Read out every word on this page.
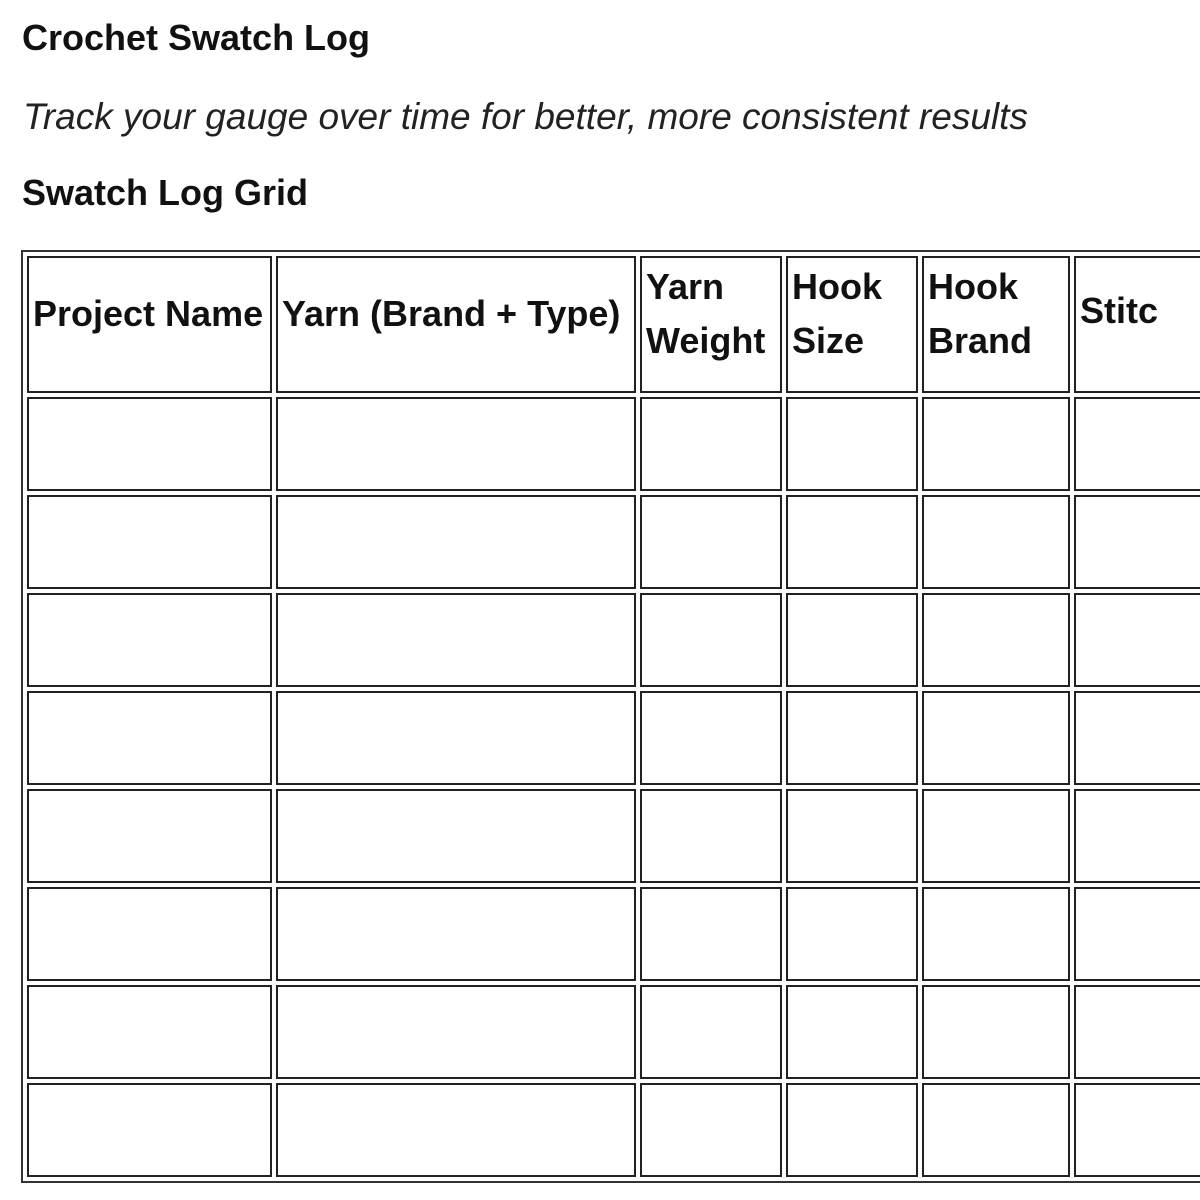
Crochet Swatch Log

Track your gauge over time for better, more consistent results

Swatch Log Grid
Project Name	Yarn (Brand + Type)	Yarn Weight	Hook Size	Hook Brand	Stitc
